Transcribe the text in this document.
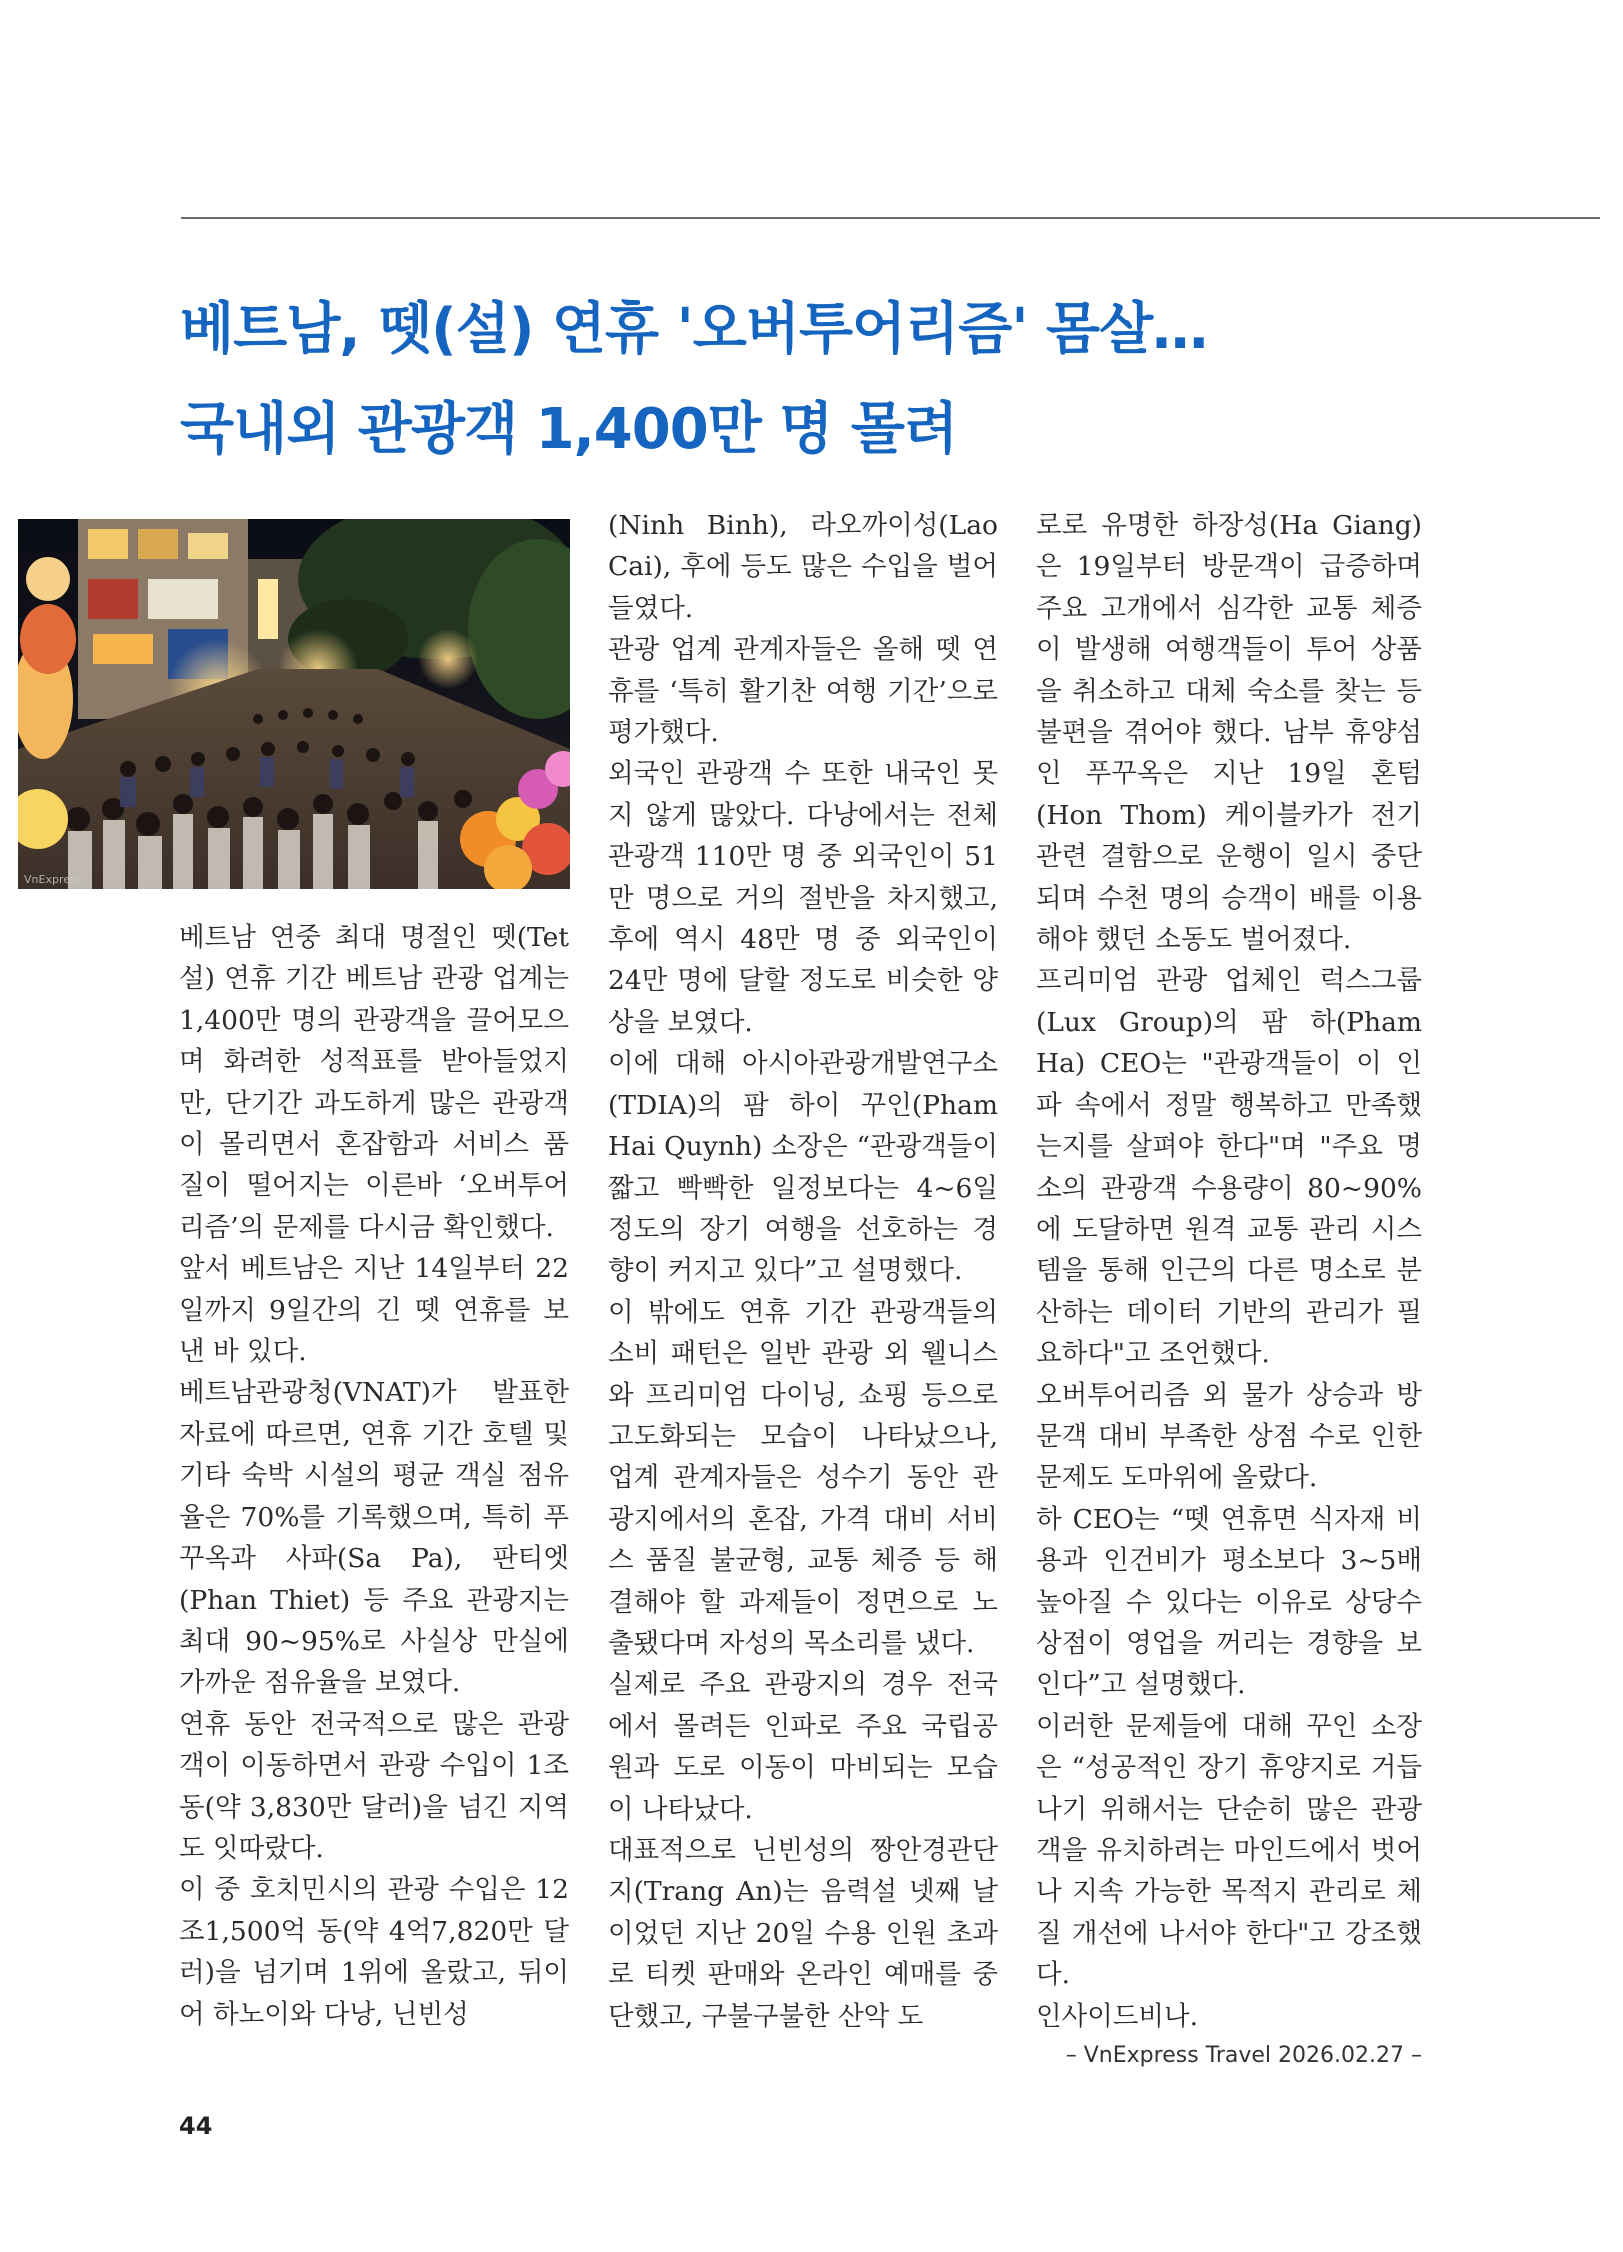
베트남, 뗏(설) 연휴 '오버투어리즘' 몸살…
국내외 관광객 1,400만 명 몰려
VnExpress

베트남 연중 최대 명절인 뗏(Tet 설) 연휴 기간 베트남 관광 업계는 1,400만 명의 관광객을 끌어모으며 화려한 성적표를 받아들었지만, 단기간 과도하게 많은 관광객이 몰리면서 혼잡함과 서비스 품질이 떨어지는 이른바 ‘오버투어리즘’의 문제를 다시금 확인했다.

앞서 베트남은 지난 14일부터 22일까지 9일간의 긴 뗏 연휴를 보낸 바 있다.

베트남관광청(VNAT)가 발표한 자료에 따르면, 연휴 기간 호텔 및 기타 숙박 시설의 평균 객실 점유율은 70%를 기록했으며, 특히 푸꾸옥과 사파(Sa Pa), 판티엣(Phan Thiet) 등 주요 관광지는 최대 90~95%로 사실상 만실에 가까운 점유율을 보였다.

연휴 동안 전국적으로 많은 관광객이 이동하면서 관광 수입이 1조 동(약 3,830만 달러)을 넘긴 지역도 잇따랐다.

이 중 호치민시의 관광 수입은 12조1,500억 동(약 4억7,820만 달러)을 넘기며 1위에 올랐고, 뒤이어 하노이와 다낭, 닌빈성

(Ninh Binh), 라오까이성(Lao Cai), 후에 등도 많은 수입을 벌어들였다.

관광 업계 관계자들은 올해 뗏 연휴를 ‘특히 활기찬 여행 기간’으로 평가했다.

외국인 관광객 수 또한 내국인 못지 않게 많았다. 다낭에서는 전체 관광객 110만 명 중 외국인이 51만 명으로 거의 절반을 차지했고, 후에 역시 48만 명 중 외국인이 24만 명에 달할 정도로 비슷한 양상을 보였다.

이에 대해 아시아관광개발연구소(TDIA)의 팜 하이 꾸인(Pham Hai Quynh) 소장은 “관광객들이 짧고 빡빡한 일정보다는 4~6일 정도의 장기 여행을 선호하는 경향이 커지고 있다”고 설명했다.

이 밖에도 연휴 기간 관광객들의 소비 패턴은 일반 관광 외 웰니스와 프리미엄 다이닝, 쇼핑 등으로 고도화되는 모습이 나타났으나, 업계 관계자들은 성수기 동안 관광지에서의 혼잡, 가격 대비 서비스 품질 불균형, 교통 체증 등 해결해야 할 과제들이 정면으로 노출됐다며 자성의 목소리를 냈다.

실제로 주요 관광지의 경우 전국에서 몰려든 인파로 주요 국립공원과 도로 이동이 마비되는 모습이 나타났다.

대표적으로 닌빈성의 짱안경관단지(Trang An)는 음력설 넷째 날이었던 지난 20일 수용 인원 초과로 티켓 판매와 온라인 예매를 중단했고, 구불구불한 산악 도

로로 유명한 하장성(Ha Giang)은 19일부터 방문객이 급증하며 주요 고개에서 심각한 교통 체증이 발생해 여행객들이 투어 상품을 취소하고 대체 숙소를 찾는 등 불편을 겪어야 했다. 남부 휴양섬인 푸꾸옥은 지난 19일 혼텀(Hon Thom) 케이블카가 전기 관련 결함으로 운행이 일시 중단되며 수천 명의 승객이 배를 이용해야 했던 소동도 벌어졌다.

프리미엄 관광 업체인 럭스그룹(Lux Group)의 팜 하(Pham Ha) CEO는 "관광객들이 이 인파 속에서 정말 행복하고 만족했는지를 살펴야 한다"며 "주요 명소의 관광객 수용량이 80~90%에 도달하면 원격 교통 관리 시스템을 통해 인근의 다른 명소로 분산하는 데이터 기반의 관리가 필요하다"고 조언했다.

오버투어리즘 외 물가 상승과 방문객 대비 부족한 상점 수로 인한 문제도 도마위에 올랐다.

하 CEO는 “뗏 연휴면 식자재 비용과 인건비가 평소보다 3~5배 높아질 수 있다는 이유로 상당수 상점이 영업을 꺼리는 경향을 보인다”고 설명했다.

이러한 문제들에 대해 꾸인 소장은 “성공적인 장기 휴양지로 거듭나기 위해서는 단순히 많은 관광객을 유치하려는 마인드에서 벗어나 지속 가능한 목적지 관리로 체질 개선에 나서야 한다"고 강조했다.

인사이드비나.

– VnExpress Travel 2026.02.27 –
44
